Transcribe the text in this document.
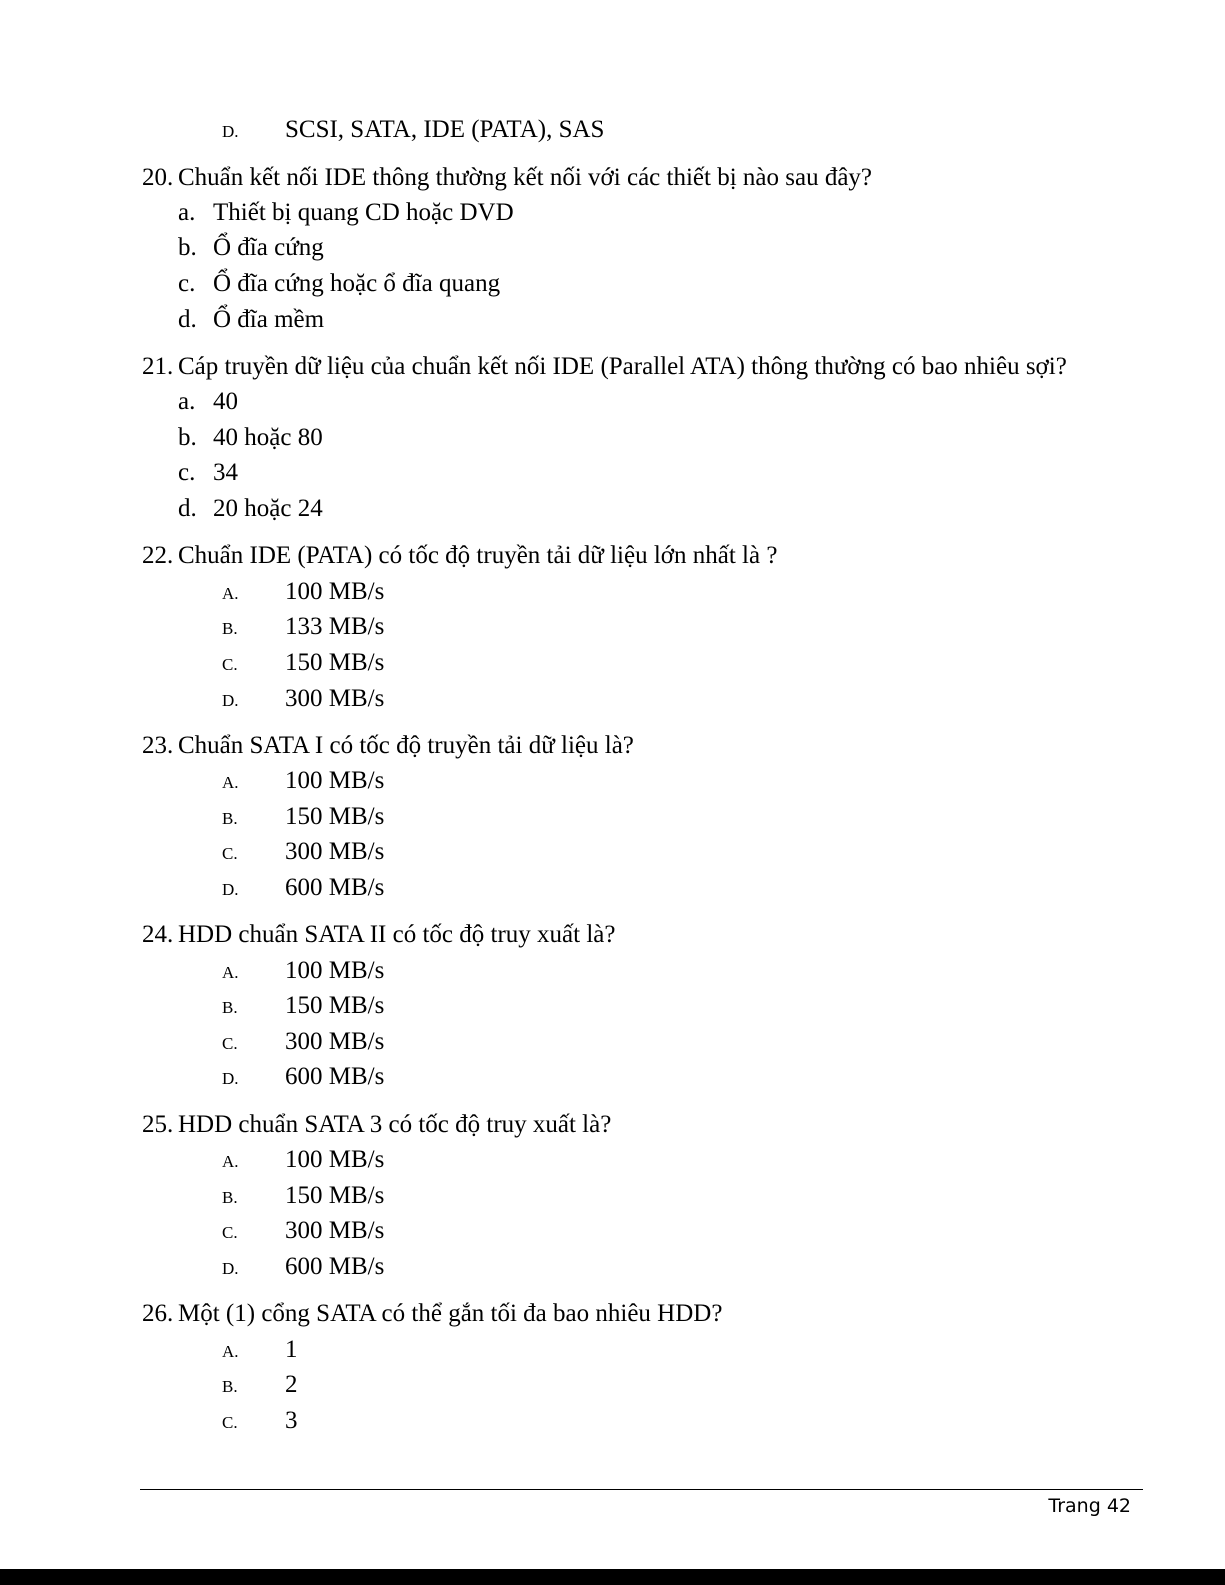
D. SCSI, SATA, IDE (PATA), SAS
20. Chuẩn kết nối IDE thông thường kết nối với các thiết bị nào sau đây?
a. Thiết bị quang CD hoặc DVD
b. Ổ đĩa cứng
c. Ổ đĩa cứng hoặc ổ đĩa quang
d. Ổ đĩa mềm
21. Cáp truyền dữ liệu của chuẩn kết nối IDE (Parallel ATA) thông thường có bao nhiêu sợi?
a. 40
b. 40 hoặc 80
c. 34
d. 20 hoặc 24
22. Chuẩn IDE (PATA) có tốc độ truyền tải dữ liệu lớn nhất là ?
A. 100 MB/s
B. 133 MB/s
C. 150 MB/s
D. 300 MB/s
23. Chuẩn SATA I có tốc độ truyền tải dữ liệu là?
A. 100 MB/s
B. 150 MB/s
C. 300 MB/s
D. 600 MB/s
24. HDD chuẩn SATA II có tốc độ truy xuất là?
A. 100 MB/s
B. 150 MB/s
C. 300 MB/s
D. 600 MB/s
25. HDD chuẩn SATA 3 có tốc độ truy xuất là?
A. 100 MB/s
B. 150 MB/s
C. 300 MB/s
D. 600 MB/s
26. Một (1) cổng SATA có thể gắn tối đa bao nhiêu HDD?
A. 1
B. 2
C. 3
Trang 42
